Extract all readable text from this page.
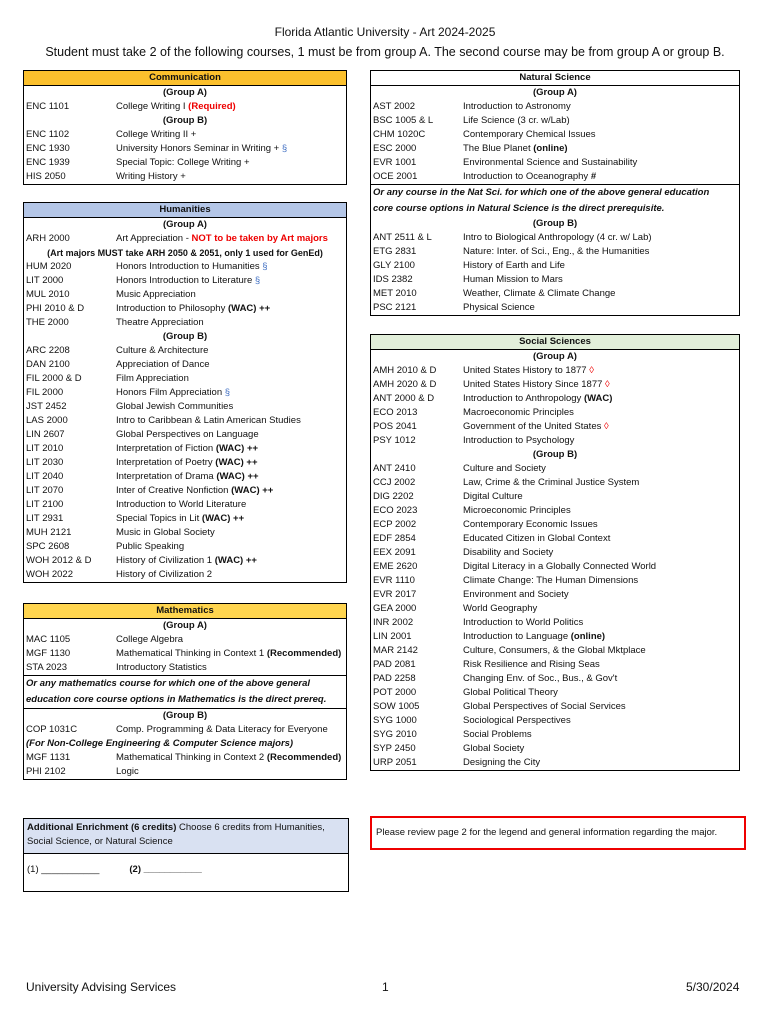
Florida Atlantic University - Art 2024-2025
Student must take 2 of the following courses, 1 must be from group A. The second course may be from group A or group B.
Communication
(Group A)
ENC 1101	College Writing I (Required)
(Group B)
ENC 1102	College Writing II +
ENC 1930	University Honors Seminar in Writing + §
ENC 1939	Special Topic: College Writing +
HIS 2050	Writing History +
Humanities
(Group A)
ARH 2000	Art Appreciation - NOT to be taken by Art majors
(Art majors MUST take ARH 2050 & 2051, only 1 used for GenEd)
HUM 2020	Honors Introduction to Humanities §
LIT 2000	Honors Introduction to Literature §
MUL 2010	Music Appreciation
PHI 2010 & D	Introduction to Philosophy (WAC) ++
THE 2000	Theatre Appreciation
(Group B)
ARC 2208	Culture & Architecture
DAN 2100	Appreciation of Dance
FIL 2000 & D	Film Appreciation
FIL 2000	Honors Film Appreciation §
JST 2452	Global Jewish Communities
LAS 2000	Intro to Caribbean & Latin American Studies
LIN 2607	Global Perspectives on Language
LIT 2010	Interpretation of Fiction (WAC) ++
LIT 2030	Interpretation of Poetry (WAC) ++
LIT 2040	Interpretation of Drama (WAC) ++
LIT 2070	Inter of Creative Nonfiction (WAC) ++
LIT 2100	Introduction to World Literature
LIT 2931	Special Topics in Lit (WAC) ++
MUH 2121	Music in Global Society
SPC 2608	Public Speaking
WOH 2012 & D	History of Civilization 1 (WAC) ++
WOH 2022	History of Civilization 2
Mathematics
(Group A)
MAC 1105	College Algebra
MGF 1130	Mathematical Thinking in Context 1 (Recommended)
STA 2023	Introductory Statistics
Or any mathematics course for which one of the above general
education core course options in Mathematics is the direct prereq.
(Group B)
COP 1031C	Comp. Programming & Data Literacy for Everyone
(For Non-College Engineering & Computer Science majors)
MGF 1131	Mathematical Thinking in Context 2 (Recommended)
PHI 2102	Logic
Additional Enrichment (6 credits) Choose 6 credits from Humanities, Social Science, or Natural Science
(1) ___________	(2) ___________
Natural Science
(Group A)
AST 2002	Introduction to Astronomy
BSC 1005 & L	Life Science (3 cr. w/Lab)
CHM 1020C	Contemporary Chemical Issues
ESC 2000	The Blue Planet (online)
EVR 1001	Environmental Science and Sustainability
OCE 2001	Introduction to Oceanography #
Or any course in the Nat Sci. for which one of the above general education
core course options in Natural Science is the direct prerequisite.
(Group B)
ANT 2511 & L	Intro to Biological Anthropology (4 cr. w/ Lab)
ETG 2831	Nature: Inter. of Sci., Eng., & the Humanities
GLY 2100	History of Earth and Life
IDS 2382	Human Mission to Mars
MET 2010	Weather, Climate & Climate Change
PSC 2121	Physical Science
Social Sciences
(Group A)
AMH 2010 & D	United States History to 1877 ◊
AMH 2020 & D	United States History Since 1877 ◊
ANT 2000 & D	Introduction to Anthropology (WAC)
ECO 2013	Macroeconomic Principles
POS 2041	Government of the United States ◊
PSY 1012	Introduction to Psychology
(Group B)
ANT 2410	Culture and Society
CCJ 2002	Law, Crime & the Criminal Justice System
DIG 2202	Digital Culture
ECO 2023	Microeconomic Principles
ECP 2002	Contemporary Economic Issues
EDF 2854	Educated Citizen in Global Context
EEX 2091	Disability and Society
EME 2620	Digital Literacy in a Globally Connected World
EVR 1110	Climate Change: The Human Dimensions
EVR 2017	Environment and Society
GEA 2000	World Geography
INR 2002	Introduction to World Politics
LIN 2001	Introduction to Language (online)
MAR 2142	Culture, Consumers, & the Global Mktplace
PAD 2081	Risk Resilience and Rising Seas
PAD 2258	Changing Env. of Soc., Bus., & Gov't
POT 2000	Global Political Theory
SOW 1005	Global Perspectives of Social Services
SYG 1000	Sociological Perspectives
SYG 2010	Social Problems
SYP 2450	Global Society
URP 2051	Designing the City
Please review page 2 for the legend and general information regarding the major.
University Advising Services	1	5/30/2024
